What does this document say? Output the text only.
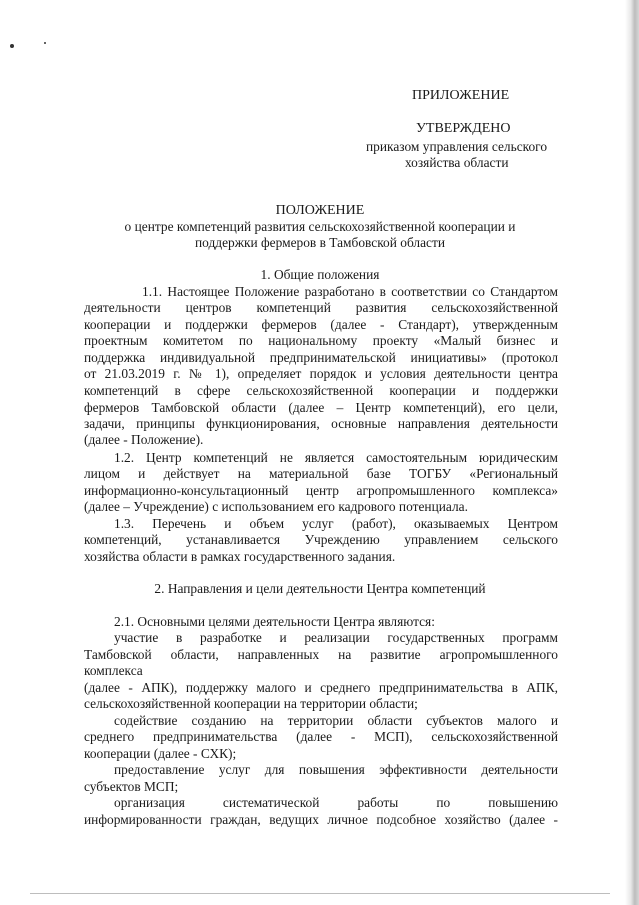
ПРИЛОЖЕНИЕ
УТВЕРЖДЕНО
приказом управления сельского
хозяйства области
ПОЛОЖЕНИЕ
о центре компетенций развития сельскохозяйственной кооперации и
поддержки фермеров в Тамбовской области
1. Общие положения
1.1. Настоящее Положение разработано в соответствии со Стандартом
деятельности центров компетенций развития сельскохозяйственной
кооперации и поддержки фермеров (далее - Стандарт), утвержденным
проектным комитетом по национальному проекту «Малый бизнес и
поддержка индивидуальной предпринимательской инициативы» (протокол
от 21.03.2019 г. № 1), определяет порядок и условия деятельности центра
компетенций в сфере сельскохозяйственной кооперации и поддержки
фермеров Тамбовской области (далее – Центр компетенций), его цели,
задачи, принципы функционирования, основные направления деятельности
(далее - Положение).
1.2. Центр компетенций не является самостоятельным юридическим
лицом и действует на материальной базе ТОГБУ «Региональный
информационно-консультационный центр агропромышленного комплекса»
(далее – Учреждение) с использованием его кадрового потенциала.
1.3. Перечень и объем услуг (работ), оказываемых Центром
компетенций, устанавливается Учреждению управлением сельского
хозяйства области в рамках государственного задания.
2. Направления и цели деятельности Центра компетенций
2.1. Основными целями деятельности Центра являются:
участие в разработке и реализации государственных программ
Тамбовской области, направленных на развитие агропромышленного
комплекса
(далее - АПК), поддержку малого и среднего предпринимательства в АПК,
сельскохозяйственной кооперации на территории области;
содействие созданию на территории области субъектов малого и
среднего предпринимательства (далее - МСП), сельскохозяйственной
кооперации (далее - СХК);
предоставление услуг для повышения эффективности деятельности
субъектов МСП;
организация систематической работы по повышению
информированности граждан, ведущих личное подсобное хозяйство (далее -
